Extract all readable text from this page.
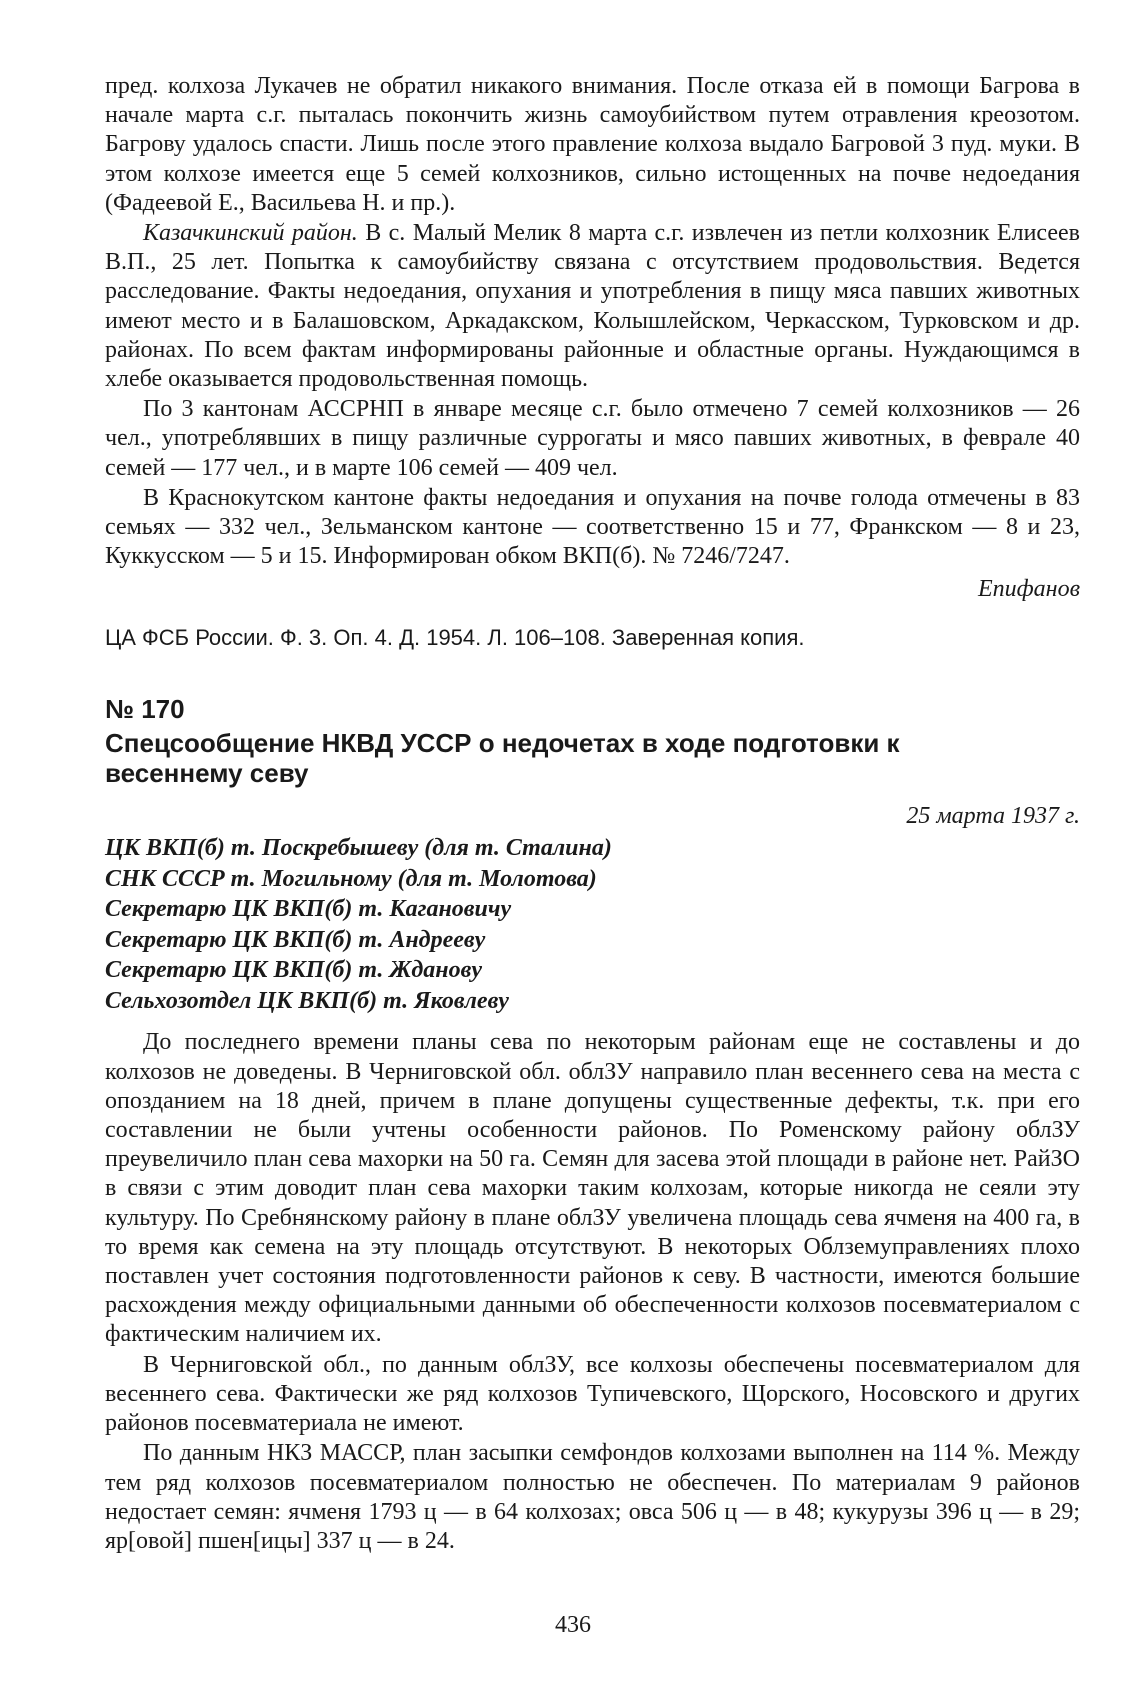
пред. колхоза Лукачев не обратил никакого внимания. После отказа ей в помощи Багрова в начале марта с.г. пыталась покончить жизнь самоубийством путем отравления креозотом. Багрову удалось спасти. Лишь после этого правление колхоза выдало Багровой 3 пуд. муки. В этом колхозе имеется еще 5 семей колхозников, сильно истощенных на почве недоедания (Фадеевой Е., Васильева Н. и пр.).

Казачкинский район. В с. Малый Мелик 8 марта с.г. извлечен из петли колхозник Елисеев В.П., 25 лет. Попытка к самоубийству связана с отсутствием продовольствия. Ведется расследование. Факты недоедания, опухания и употребления в пищу мяса павших животных имеют место и в Балашовском, Аркадакском, Колышлейском, Черкасском, Турковском и др. районах. По всем фактам информированы районные и областные органы. Нуждающимся в хлебе оказывается продовольственная помощь.

По 3 кантонам АССРНП в январе месяце с.г. было отмечено 7 семей колхозников — 26 чел., употреблявших в пищу различные суррогаты и мясо павших животных, в феврале 40 семей — 177 чел., и в марте 106 семей — 409 чел.

В Краснокутском кантоне факты недоедания и опухания на почве голода отмечены в 83 семьях — 332 чел., Зельманском кантоне — соответственно 15 и 77, Франкском — 8 и 23, Куккусском — 5 и 15. Информирован обком ВКП(б). № 7246/7247.

Епифанов
ЦА ФСБ России. Ф. 3. Оп. 4. Д. 1954. Л. 106–108. Заверенная копия.
№ 170
Спецсообщение НКВД УССР о недочетах в ходе подготовки к весеннему севу
25 марта 1937 г.
ЦК ВКП(б) т. Поскребышеву (для т. Сталина)
СНК СССР т. Могильному (для т. Молотова)
Секретарю ЦК ВКП(б) т. Кагановичу
Секретарю ЦК ВКП(б) т. Андрееву
Секретарю ЦК ВКП(б) т. Жданову
Сельхозотдел ЦК ВКП(б) т. Яковлеву

До последнего времени планы сева по некоторым районам еще не составлены и до колхозов не доведены. В Черниговской обл. облЗУ направило план весеннего сева на места с опозданием на 18 дней, причем в плане допущены существенные дефекты, т.к. при его составлении не были учтены особенности районов. По Роменскому району облЗУ преувеличило план сева махорки на 50 га. Семян для засева этой площади в районе нет. РайЗО в связи с этим доводит план сева махорки таким колхозам, которые никогда не сеяли эту культуру. По Сребнянскому району в плане облЗУ увеличена площадь сева ячменя на 400 га, в то время как семена на эту площадь отсутствуют. В некоторых Облземуправлениях плохо поставлен учет состояния подготовленности районов к севу. В частности, имеются большие расхождения между официальными данными об обеспеченности колхозов посевматериалом с фактическим наличием их.

В Черниговской обл., по данным облЗУ, все колхозы обеспечены посевматериалом для весеннего сева. Фактически же ряд колхозов Тупичевского, Щорского, Носовского и других районов посевматериала не имеют.

По данным НКЗ МАССР, план засыпки семфондов колхозами выполнен на 114 %. Между тем ряд колхозов посевматериалом полностью не обеспечен. По материалам 9 районов недостает семян: ячменя 1793 ц — в 64 колхозах; овса 506 ц — в 48; кукурузы 396 ц — в 29; яр[овой] пшен[ицы] 337 ц — в 24.

436
